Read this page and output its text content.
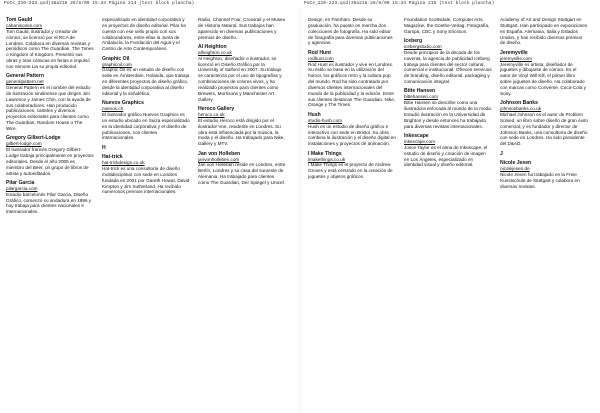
PoCs_210-223.qxd|36a218 26/8/09 15:34 Página 214 (text block plancha)	PoCs_210-223.qxd|36a218 26/8/09 15:34 Página 215 (text block plancha)

Tom Gauld

cabanisones.com

Tom Gauld, ilustrador y creador de cómics, se licenció por el RCA de Londres. Colabora en diversas revistas y periódicos como The Guardian, The Times o Kingdom of Kingdom. Presentó sus obras y tiras cómicas en ferias e impulsó con Simone Lia su propia editorial.

General Pattern

generalpattern.net

General Pattern es el nombre del estudio de ilustración londinense que dirigen Jim Lawrence y James Chin, con la ayuda de sus colaboradores. Han producido publicaciones, carteles y diversos proyectos editoriales para clientes como The Guardian, Random House o The Wire.

Gregory Gilbert-Lodge

gilbert-lodge.com

El ilustrador francés Gregory Gilbert-Lodge trabaja principalmente en proyectos editoriales. Desde el año 2005 es miembro del Beer, un grupo de libros de artista y autoeditados.

Pilar Garcia

pilargarcia.com

Estudio barcelonés Pilar Garcia, Diseño Gráfico, comenzó su andadura en 1996 y hoy trabaja para clientes nacionales e internacionales.

especializado en identidad corporativa y en proyectos de diseño editorial. Pilar ha cuenta con ese sello propio con sus colaboradores, entre ellas la Junta de Andalucía, la Fundación del Agua y el Centro de Arte Contemporáneo.

Graphic Oil

graphicoil.com

Graphic Oil es un estudio de diseño con sede en Ámsterdam, Holanda, que trabaja en diferentes proyectos de diseño gráfico, desde la identidad corporativa al diseño editorial y la señalética.

Nuevos Graphics

nuevos.ch

El ilustrador gráfico Nuevos Graphics es un estudio ubicado en Suiza especializado en la identidad corporativa y el diseño de publicaciones, con clientes internacionales.

H

Hat-trick

hat-trickdesign.co.uk

Hat-trick es una consultoría de diseño multidisciplinar con sede en Londres fundada en 2001 por Gareth Howat, David Kimpton y Jim Sutherland. Ha recibido numerosos premios internacionales.

Radio, Channel Four, Crossrail y el Museo de Historia Natural. Sus trabajos han aparecido en diversas publicaciones y premios de diseño.

Al Heighton

alheighton.co.uk

Al Heighton, diseñador e ilustrador, se licenció en Diseño Gráfico por la University of Salford en 2007. Su trabajo se caracteriza por el uso de tipografías y combinaciones de colores vivos, y ha realizado proyectos para clientes como Brewers, Morrisons y Manchester Art Gallery.

Heroco Gallery

heroco.co.uk

El estudio Heroco está dirigido por el ilustrador Von, residente en Londres. Su obra está influenciada por la música, la moda y el diseño. Ha trabajado para Nike, Gallery y MTV.

Jan von Holleben

janvonholleben.com

Jan von Holleben reside en Londres, entre Berlín, Londres y su casa del suroeste de Alemania. Ha trabajado para clientes como The Guardian, Der Spiegel y Unicef.

Design, en Farnham. Desde su graduación, ha puesto en marcha dos colecciones de fotografía. Ha sido editor de fotografía para diversas publicaciones y agencias.

Rod Hunt

rodhunt.com

Rod Hunt es ilustrador y vive en Londres. Su estilo se basa en la utilización del humor, los gráficos retro y la cultura pop del mundo. Rod ha sido contratado por diversos clientes internacionales del mundo de la publicidad y la edición. Entre sus clientes destacan The Guardian, Nike, Orange y The Times.

Hush

studio-hush.com

Hush es un estudio de diseño gráfico e interactivo con sede en Bristol. Su obra combina la ilustración y el diseño digital en instalaciones y proyectos de animación.

I Make Things

imakethings.co.uk

I Make Things es el proyecto de Andrew Groves y está centrado en la creación de juguetes y objetos gráficos.

Foundation Scottsdale, Computer Arts, Magazine, the Goethe-Verlag, Fotografía, Gampa, CBC y Sony Ericsson.

Iceberg

icebergstudio.com

Desde principios de la década de los noventa, la agencia de publicidad Iceberg trabaja para clientes del sector cultural, comercial e institucional. Ofrecen servicios de branding, diseño editorial, packaging y comunicación integral.

Bitte Hansen

bittehansen.com

Bitte Hansen se describe como una ilustradora enfocada al mundo de la moda. Estudió ilustración en la Universidad de Brighton y desde entonces ha trabajado para diversas revistas internacionales.

Inkescape

inkescape.com

Josce Taylor es el alma de Inkescape, el estudio de diseño y creación de imagen en Los Ángeles, especializado en identidad visual y diseño editorial.

Academy of Art and Design Stuttgart en Stuttgart. Han participado en exposiciones en España, Alemania, Italia y Estados Unidos, y han recibido diversos premios de diseño.

Jeremyville

jeremyville.com

Jeremyville es artista, diseñador de juguetes y dibujante de cómics. Es el autor de Vinyl Will Kill, el primer libro sobre juguetes de diseño. Ha colaborado con marcas como Converse, Coca-Cola y Sony.

Johnson Banks

johnsonbanks.co.uk

Michael Johnson es el autor de Problem Solved, un libro sobre diseño de gran éxito comercial, y es fundador y director de Johnson Banks, una consultoría de diseño con sede en Londres. Ha sido presidente del D&AD.

J

Nicole Jesen

nicolejesen.de

Nicole Jesen ha trabajado en la Freie Kunstschule de Stuttgart y colabora en diversas revistas.
